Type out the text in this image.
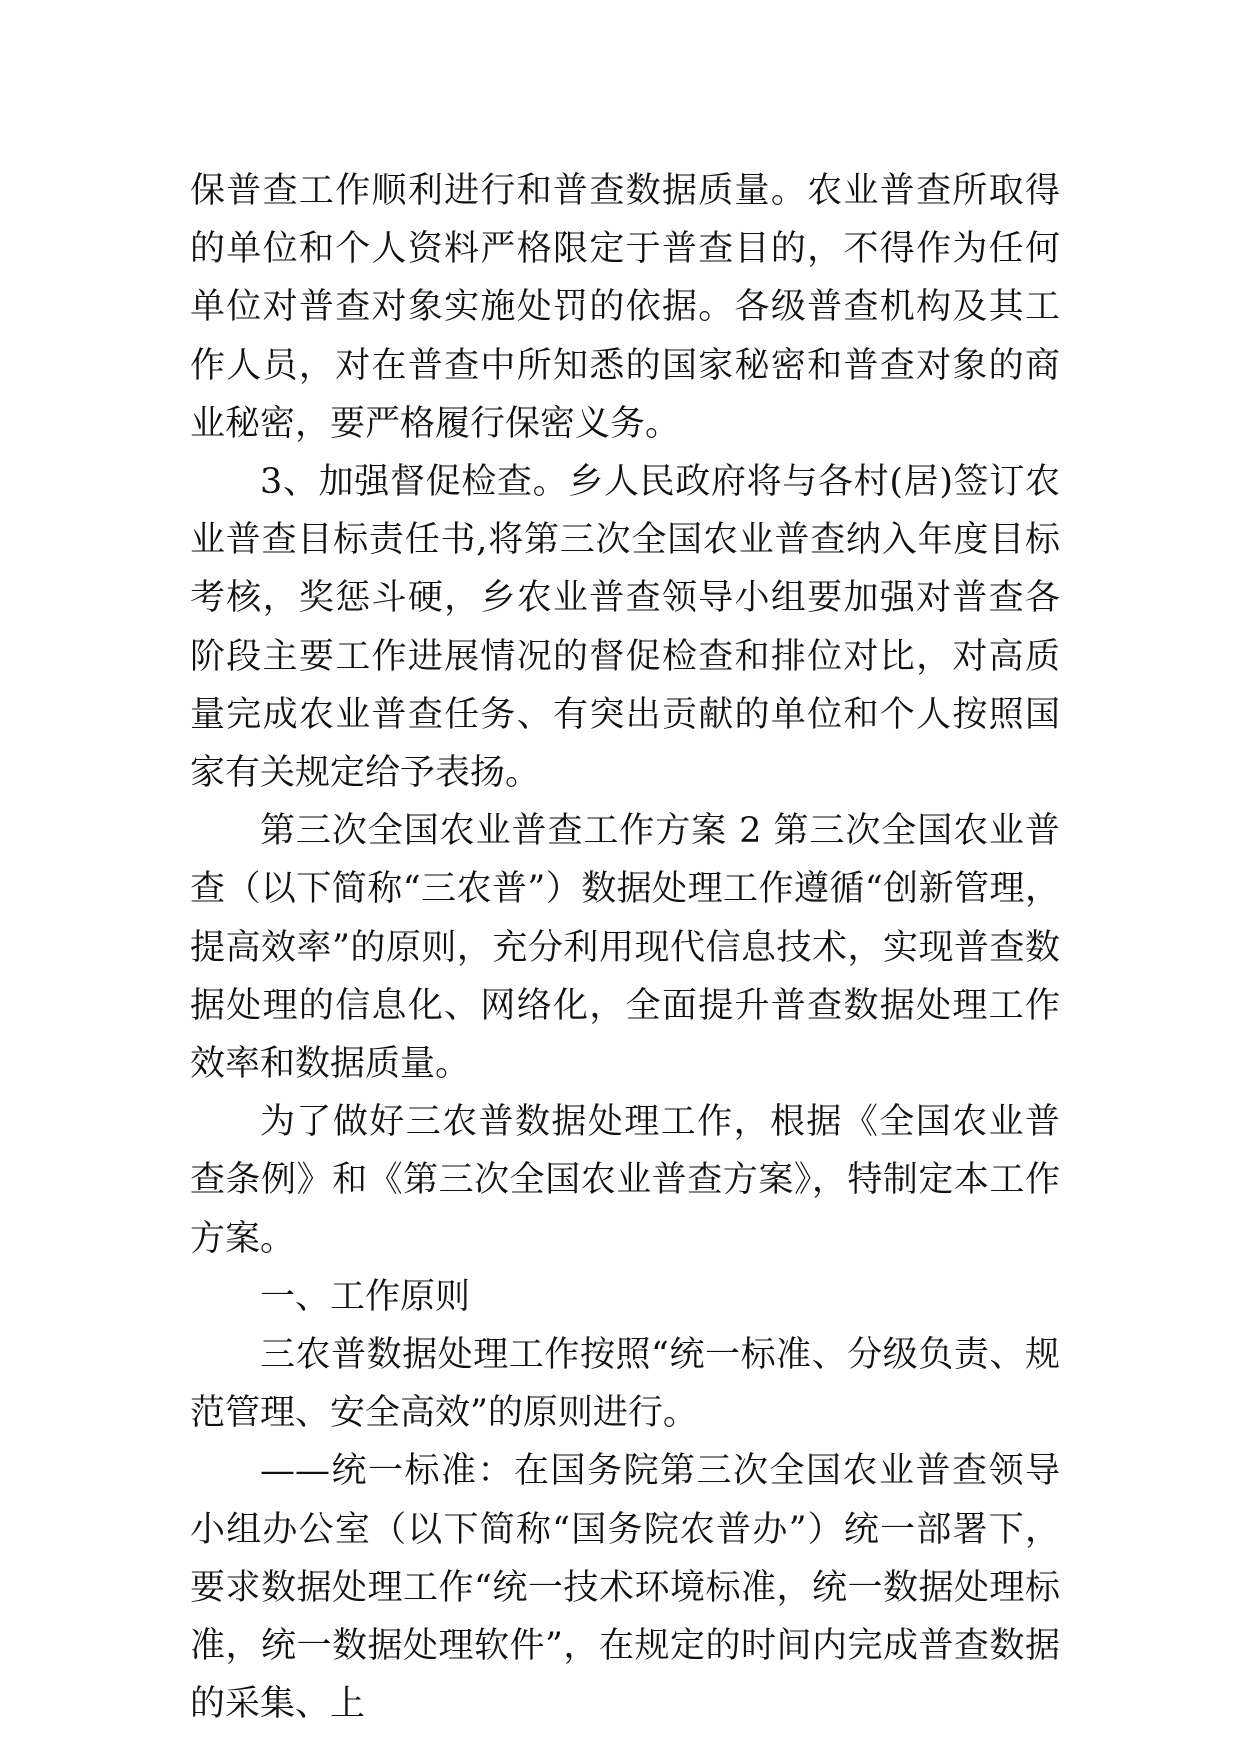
保普查工作顺利进行和普查数据质量。农业普查所取得的单位和个人资料严格限定于普查目的，不得作为任何单位对普查对象实施处罚的依据。各级普查机构及其工作人员，对在普查中所知悉的国家秘密和普查对象的商业秘密，要严格履行保密义务。

3、加强督促检查。乡人民政府将与各村(居)签订农业普查目标责任书,将第三次全国农业普查纳入年度目标考核，奖惩斗硬，乡农业普查领导小组要加强对普查各阶段主要工作进展情况的督促检查和排位对比，对高质量完成农业普查任务、有突出贡献的单位和个人按照国家有关规定给予表扬。

第三次全国农业普查工作方案 2 第三次全国农业普查（以下简称“三农普”）数据处理工作遵循“创新管理，提高效率”的原则，充分利用现代信息技术，实现普查数据处理的信息化、网络化，全面提升普查数据处理工作效率和数据质量。

为了做好三农普数据处理工作，根据《全国农业普查条例》和《第三次全国农业普查方案》，特制定本工作方案。

一、工作原则

三农普数据处理工作按照“统一标准、分级负责、规范管理、安全高效”的原则进行。

——统一标准：在国务院第三次全国农业普查领导小组办公室（以下简称“国务院农普办”）统一部署下，要求数据处理工作“统一技术环境标准，统一数据处理标准，统一数据处理软件”，在规定的时间内完成普查数据的采集、上
